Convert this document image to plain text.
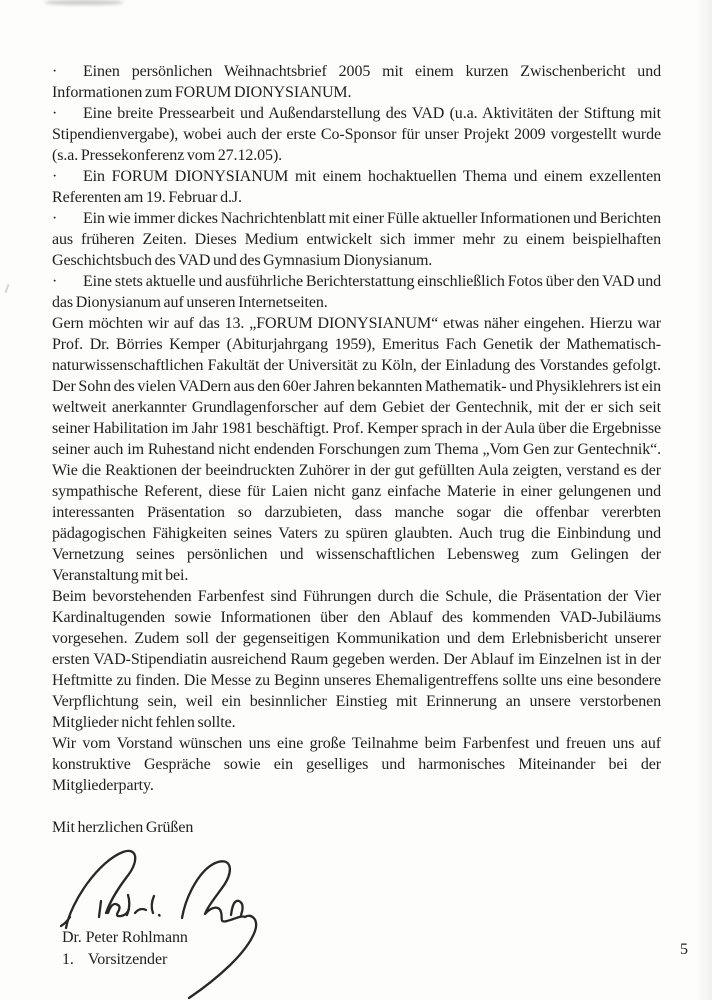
· Einen persönlichen Weihnachtsbrief 2005 mit einem kurzen Zwischenbericht und Informationen zum FORUM DIONYSIANUM.

· Eine breite Pressearbeit und Außendarstellung des VAD (u.a. Aktivitäten der Stiftung mit Stipendienvergabe), wobei auch der erste Co-Sponsor für unser Projekt 2009 vorgestellt wurde (s.a. Pressekonferenz vom 27.12.05).

· Ein FORUM DIONYSIANUM mit einem hochaktuellen Thema und einem exzellenten Referenten am 19. Februar d.J.

· Ein wie immer dickes Nachrichtenblatt mit einer Fülle aktueller Informationen und Berichten aus früheren Zeiten. Dieses Medium entwickelt sich immer mehr zu einem beispielhaften Geschichtsbuch des VAD und des Gymnasium Dionysianum.

· Eine stets aktuelle und ausführliche Berichterstattung einschließlich Fotos über den VAD und das Dionysianum auf unseren Internetseiten.

Gern möchten wir auf das 13. „FORUM DIONYSIANUM“ etwas näher eingehen. Hierzu war Prof. Dr. Börries Kemper (Abiturjahrgang 1959), Emeritus Fach Genetik der Mathematisch-naturwissenschaftlichen Fakultät der Universität zu Köln, der Einladung des Vorstandes gefolgt. Der Sohn des vielen VADern aus den 60er Jahren bekannten Mathematik- und Physiklehrers ist ein weltweit anerkannter Grundlagenforscher auf dem Gebiet der Gentechnik, mit der er sich seit seiner Habilitation im Jahr 1981 beschäftigt. Prof. Kemper sprach in der Aula über die Ergebnisse seiner auch im Ruhestand nicht endenden Forschungen zum Thema „Vom Gen zur Gentechnik“. Wie die Reaktionen der beeindruckten Zuhörer in der gut gefüllten Aula zeigten, verstand es der sympathische Referent, diese für Laien nicht ganz einfache Materie in einer gelungenen und interessanten Präsentation so darzubieten, dass manche sogar die offenbar vererbten pädagogischen Fähigkeiten seines Vaters zu spüren glaubten. Auch trug die Einbindung und Vernetzung seines persönlichen und wissenschaftlichen Lebensweg zum Gelingen der Veranstaltung mit bei.

Beim bevorstehenden Farbenfest sind Führungen durch die Schule, die Präsentation der Vier Kardinaltugenden sowie Informationen über den Ablauf des kommenden VAD-Jubiläums vorgesehen. Zudem soll der gegenseitigen Kommunikation und dem Erlebnisbericht unserer ersten VAD-Stipendiatin ausreichend Raum gegeben werden. Der Ablauf im Einzelnen ist in der Heftmitte zu finden. Die Messe zu Beginn unseres Ehemaligentreffens sollte uns eine besondere Verpflichtung sein, weil ein besinnlicher Einstieg mit Erinnerung an unsere verstorbenen Mitglieder nicht fehlen sollte.

Wir vom Vorstand wünschen uns eine große Teilnahme beim Farbenfest und freuen uns auf konstruktive Gespräche sowie ein geselliges und harmonisches Miteinander bei der Mitgliederparty.

Mit herzlichen Grüßen

Dr. Peter Rohlmann
1. Vorsitzender
5
